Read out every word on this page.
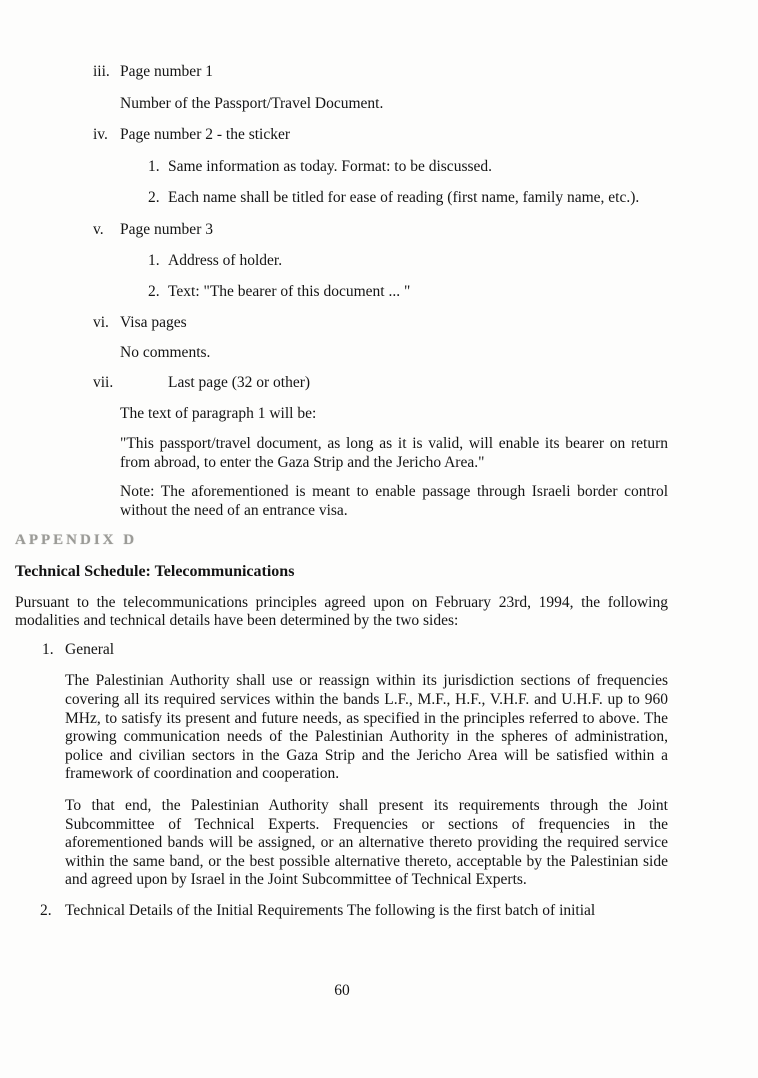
iii. Page number 1
Number of the Passport/Travel Document.
iv. Page number 2 - the sticker
1. Same information as today. Format: to be discussed.
2. Each name shall be titled for ease of reading (first name, family name, etc.).
v.	Page number 3
1. Address of holder.
2. Text: "The bearer of this document ... "
vi. Visa pages
No comments.
vii.	Last page (32 or other)
The text of paragraph 1 will be:
"This passport/travel document, as long as it is valid, will enable its bearer on return from abroad, to enter the Gaza Strip and the Jericho Area."
Note: The aforementioned is meant to enable passage through Israeli border control without the need of an entrance visa.
APPENDIX D
Technical Schedule: Telecommunications
Pursuant to the telecommunications principles agreed upon on February 23rd, 1994, the following modalities and technical details have been determined by the two sides:
1. General
The Palestinian Authority shall use or reassign within its jurisdiction sections of frequencies covering all its required services within the bands L.F., M.F., H.F., V.H.F. and U.H.F. up to 960 MHz, to satisfy its present and future needs, as specified in the principles referred to above. The growing communication needs of the Palestinian Authority in the spheres of administration, police and civilian sectors in the Gaza Strip and the Jericho Area will be satisfied within a framework of coordination and cooperation.
To that end, the Palestinian Authority shall present its requirements through the Joint Subcommittee of Technical Experts. Frequencies or sections of frequencies in the aforementioned bands will be assigned, or an alternative thereto providing the required service within the same band, or the best possible alternative thereto, acceptable by the Palestinian side and agreed upon by Israel in the Joint Subcommittee of Technical Experts.
2. Technical Details of the Initial Requirements The following is the first batch of initial
60
